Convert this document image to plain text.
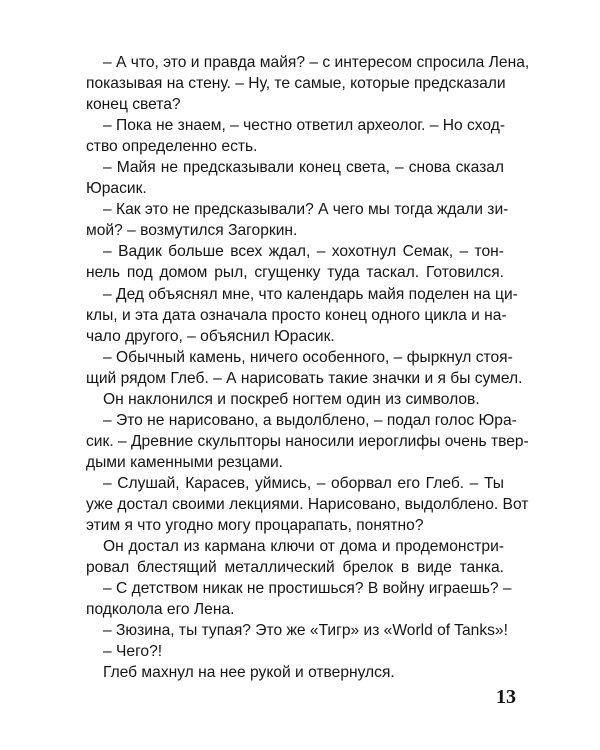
– А что, это и правда майя? – с интересом спросила Лена,
показывая на стену. – Ну, те самые, которые предсказали
конец света?
– Пока не знаем, – честно ответил археолог. – Но сход-
ство определенно есть.
– Майя не предсказывали конец света, – снова сказал
Юрасик.
– Как это не предсказывали? А чего мы тогда ждали зи-
мой? – возмутился Загоркин.
– Вадик больше всех ждал, – хохотнул Семак, – тон-
нель под домом рыл, сгущенку туда таскал. Готовился.
– Дед объяснял мне, что календарь майя поделен на ци-
клы, и эта дата означала просто конец одного цикла и на-
чало другого, – объяснил Юрасик.
– Обычный камень, ничего особенного, – фыркнул стоя-
щий рядом Глеб. – А нарисовать такие значки и я бы сумел.
Он наклонился и поскреб ногтем один из символов.
– Это не нарисовано, а выдолблено, – подал голос Юра-
сик. – Древние скульпторы наносили иероглифы очень твер-
дыми каменными резцами.
– Слушай, Карасев, уймись, – оборвал его Глеб. – Ты
уже достал своими лекциями. Нарисовано, выдолблено. Вот
этим я что угодно могу процарапать, понятно?
Он достал из кармана ключи от дома и продемонстри-
ровал блестящий металлический брелок в виде танка.
– С детством никак не простишься? В войну играешь? –
подколола его Лена.
– Зюзина, ты тупая? Это же «Тигр» из «World of Tanks»!
– Чего?!
Глеб махнул на нее рукой и отвернулся.
13
